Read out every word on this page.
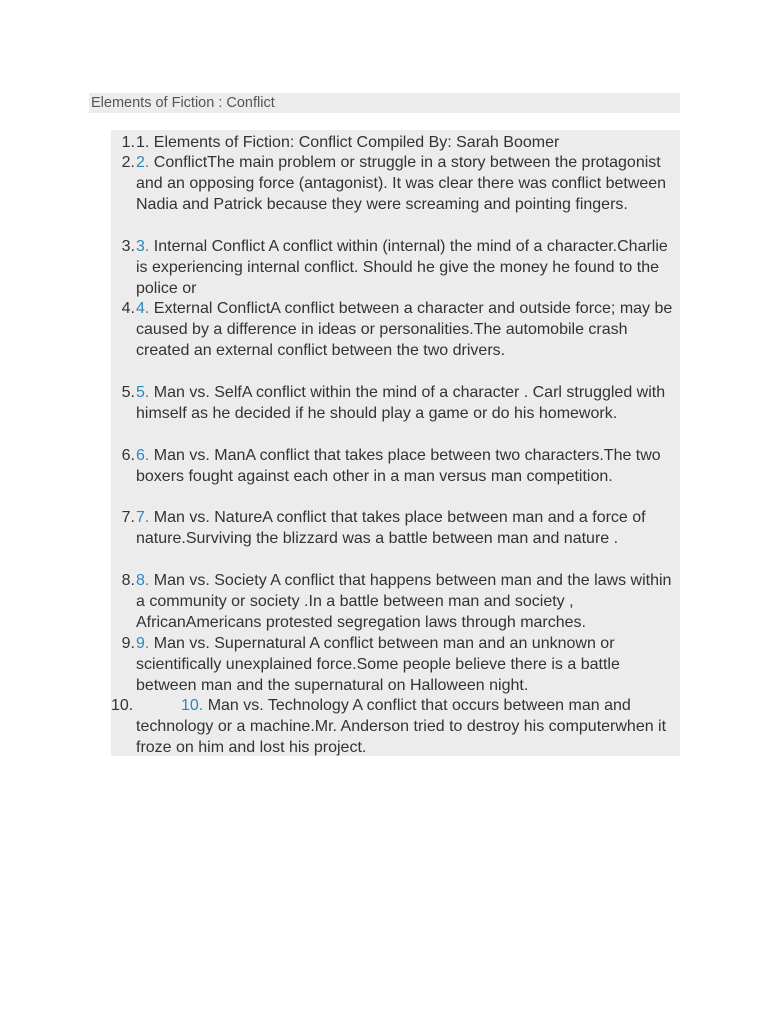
Elements of Fiction : Conflict
1. 1. Elements of Fiction: Conflict Compiled By: Sarah Boomer
2. 2. ConflictThe main problem or struggle in a story between the protagonist and an opposing force (antagonist). It was clear there was conflict between Nadia and Patrick because they were screaming and pointing fingers.
3. 3. Internal Conflict A conflict within (internal) the mind of a character.Charlie is experiencing internal conflict. Should he give the money he found to the police or
4. 4. External ConflictA conflict between a character and outside force; may be caused by a difference in ideas or personalities.The automobile crash created an external conflict between the two drivers.
5. 5. Man vs. SelfA conflict within the mind of a character . Carl struggled with himself as he decided if he should play a game or do his homework.
6. 6. Man vs. ManA conflict that takes place between two characters.The two boxers fought against each other in a man versus man competition.
7. 7. Man vs. NatureA conflict that takes place between man and a force of nature.Surviving the blizzard was a battle between man and nature .
8. 8. Man vs. Society A conflict that happens between man and the laws within a community or society .In a battle between man and society , AfricanAmericans protested segregation laws through marches.
9. 9. Man vs. Supernatural A conflict between man and an unknown or scientifically unexplained force.Some people believe there is a battle between man and the supernatural on Halloween night.
10.	10. Man vs. Technology A conflict that occurs between man and technology or a machine.Mr. Anderson tried to destroy his computerwhen it froze on him and lost his project.
